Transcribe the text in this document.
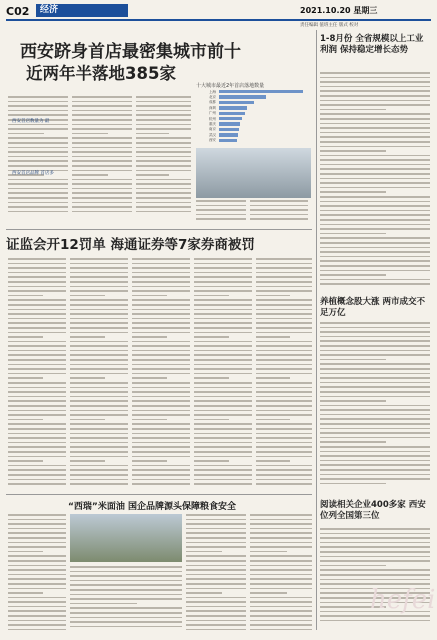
C02	经济	2021.10.20 星期三
责任编辑 值班主任 版式 校对
西安跻身首店最密集城市前十
近两年半落地385家
西安首店数量为 最
西安首店品牌 首店多
十大城市最近2年首店落地数量
上海
北京
成都
深圳
广州
杭州
重庆
南京
武汉
西安
证监会开12罚单 海通证券等7家券商被罚
“西瑞”米面油 国企品牌源头保障粮食安全
1-8月份 全省规模以上工业利润 保持稳定增长态势
养植概念股大涨 两市成交不足万亿
阅读相关企业400多家 西安位列全国第三位
hefei
